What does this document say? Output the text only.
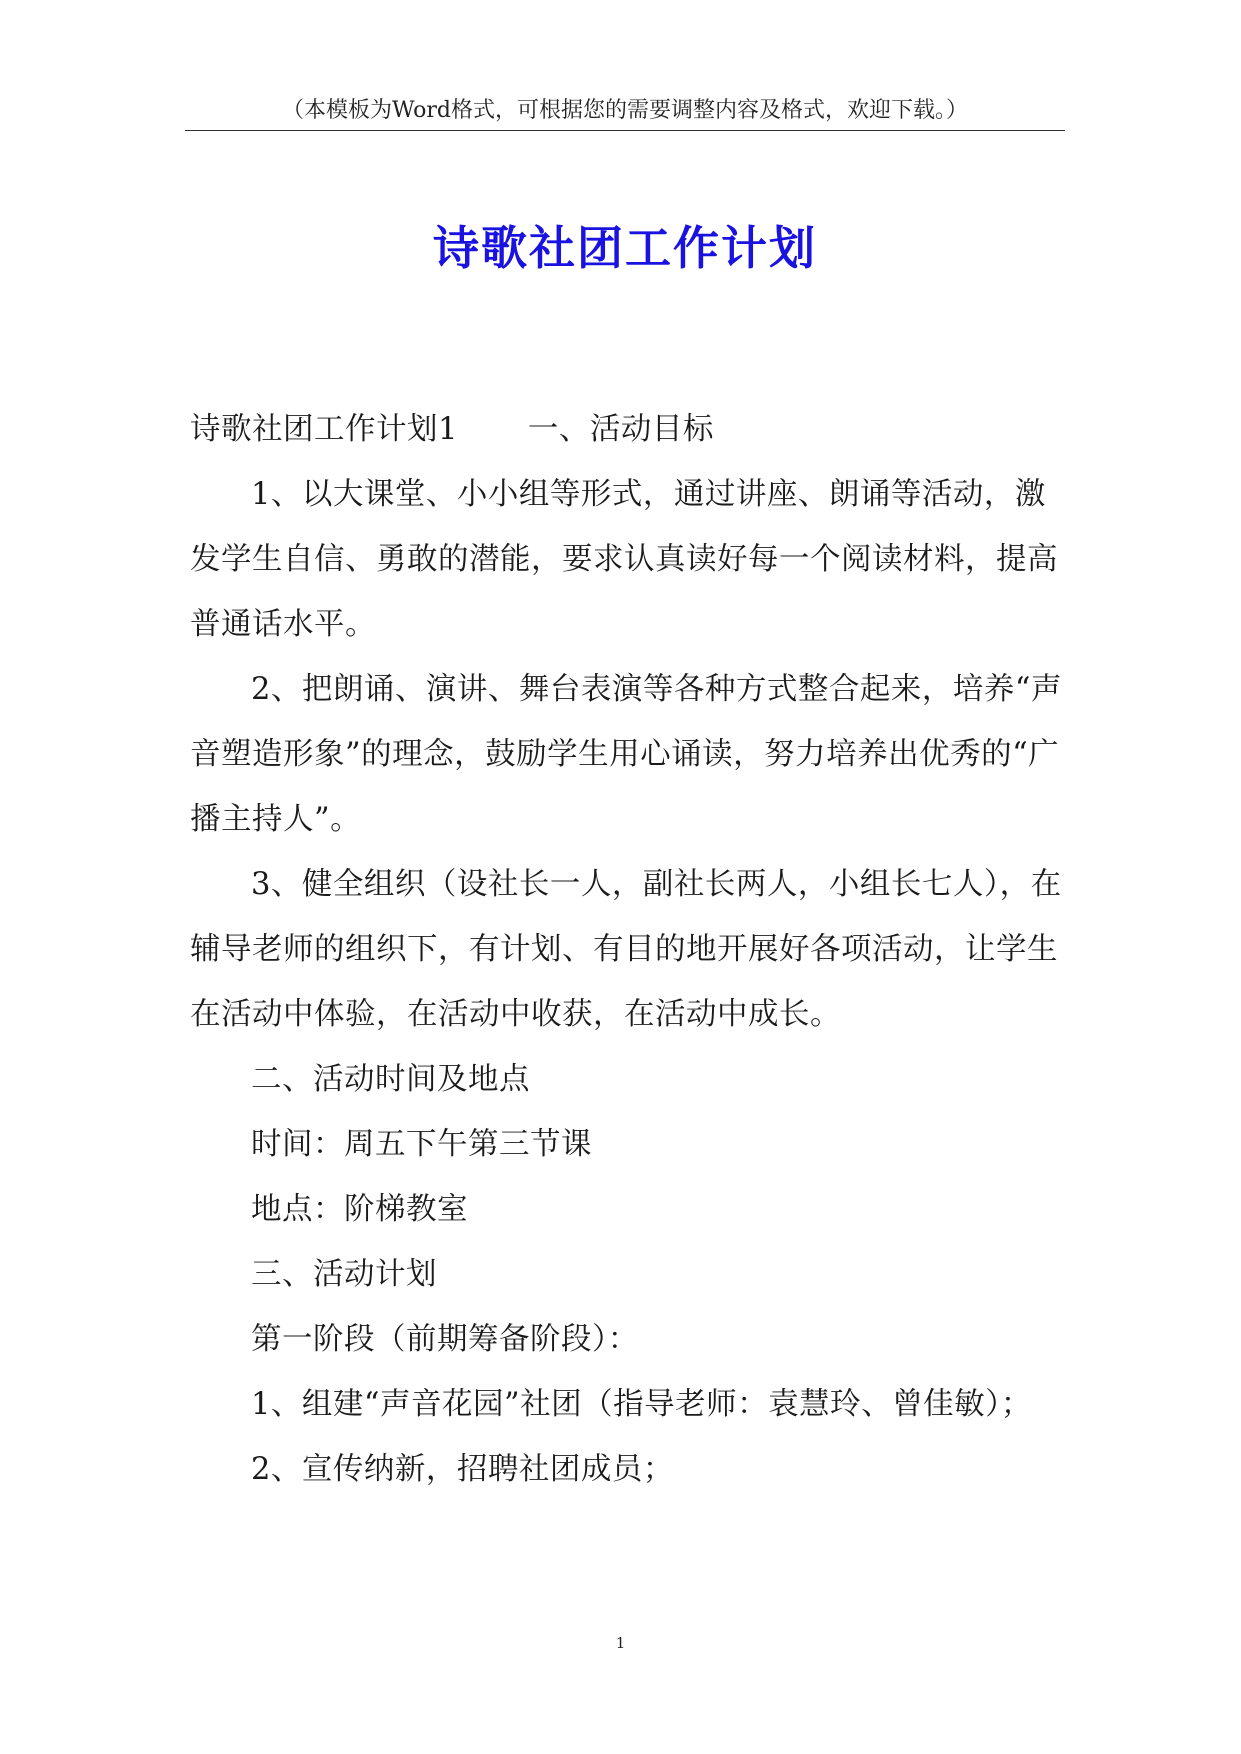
（本模板为Word格式，可根据您的需要调整内容及格式，欢迎下载。）
诗歌社团工作计划

诗歌社团工作计划1 一、活动目标

1、以大课堂、小小组等形式，通过讲座、朗诵等活动，激发学生自信、勇敢的潜能，要求认真读好每一个阅读材料，提高普通话水平。

2、把朗诵、演讲、舞台表演等各种方式整合起来，培养“声音塑造形象”的理念，鼓励学生用心诵读，努力培养出优秀的“广播主持人”。

3、健全组织（设社长一人，副社长两人，小组长七人），在辅导老师的组织下，有计划、有目的地开展好各项活动，让学生在活动中体验，在活动中收获，在活动中成长。

二、活动时间及地点

时间：周五下午第三节课

地点：阶梯教室

三、活动计划

第一阶段（前期筹备阶段）：

1、组建“声音花园”社团（指导老师：袁慧玲、曾佳敏）；

2、宣传纳新，招聘社团成员；

1
